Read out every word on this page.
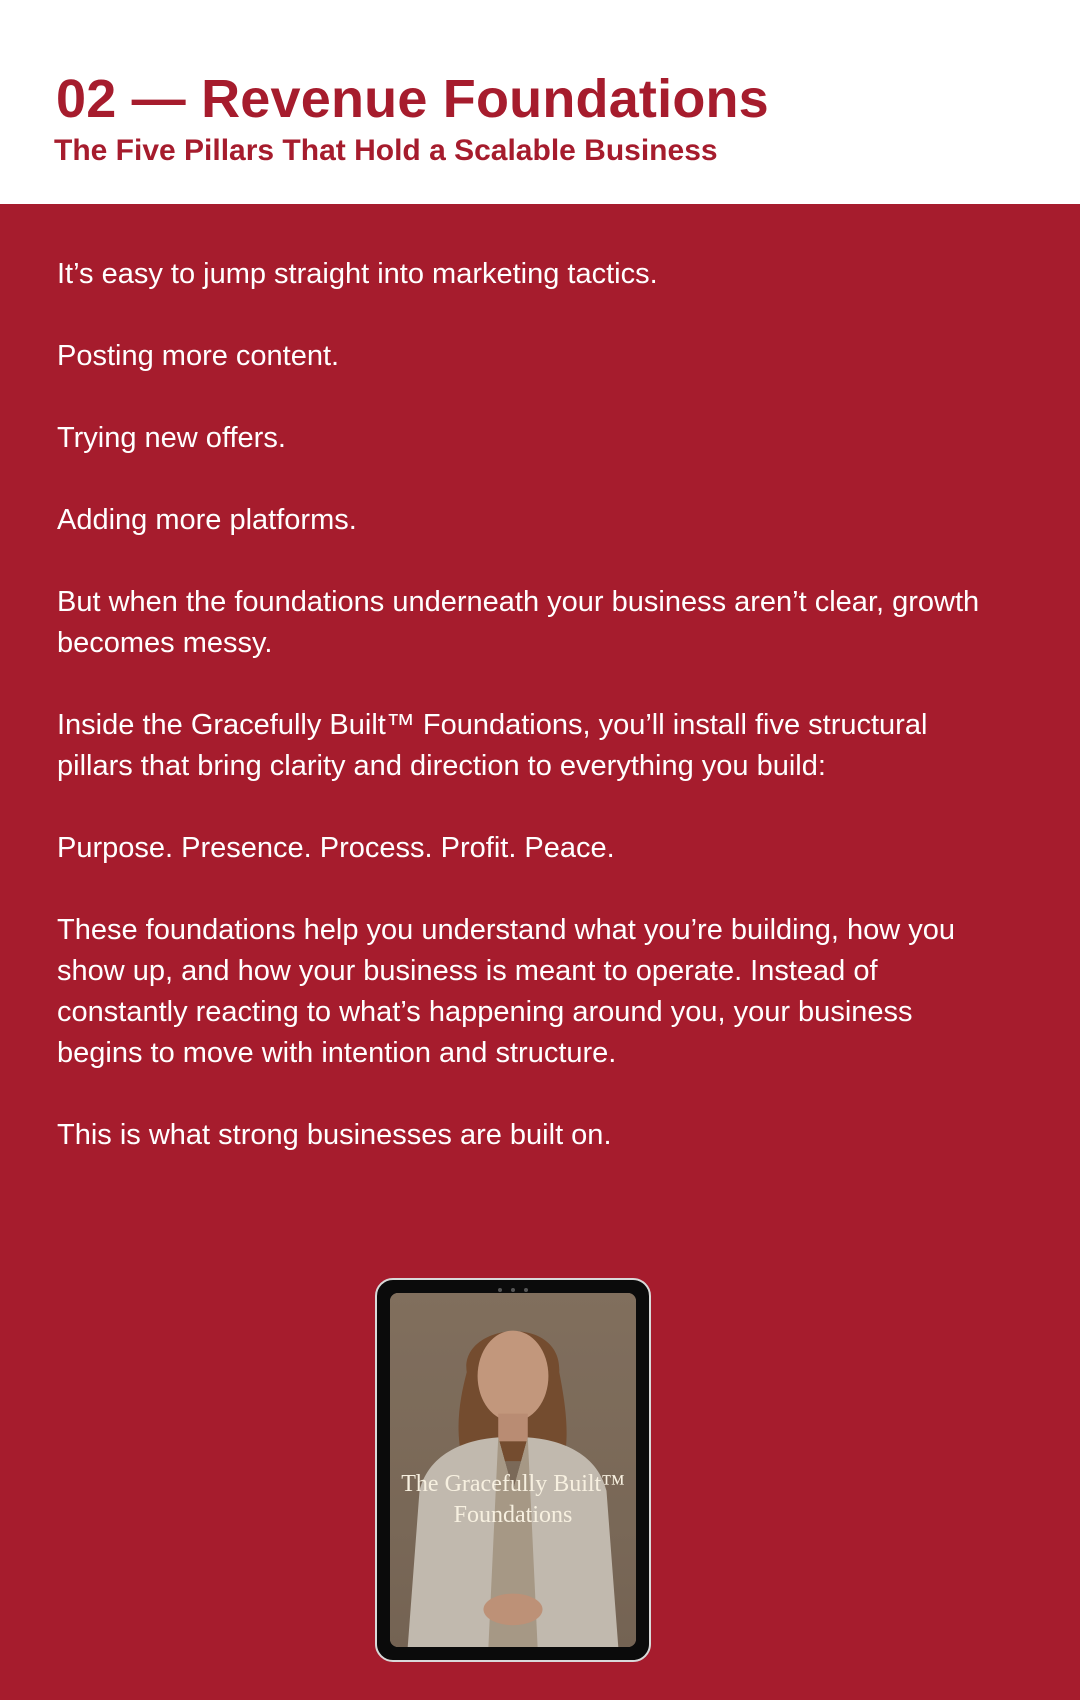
02 — Revenue Foundations
The Five Pillars That Hold a Scalable Business

It’s easy to jump straight into marketing tactics.

Posting more content.

Trying new offers.

Adding more platforms.

But when the foundations underneath your business aren’t clear, growth becomes messy.

Inside the Gracefully Built™ Foundations, you’ll install five structural pillars that bring clarity and direction to everything you build:

Purpose. Presence. Process. Profit. Peace.

These foundations help you understand what you’re building, how you show up, and how your business is meant to operate. Instead of constantly reacting to what’s happening around you, your business begins to move with intention and structure.

This is what strong businesses are built on.

The Gracefully Built™
Foundations
